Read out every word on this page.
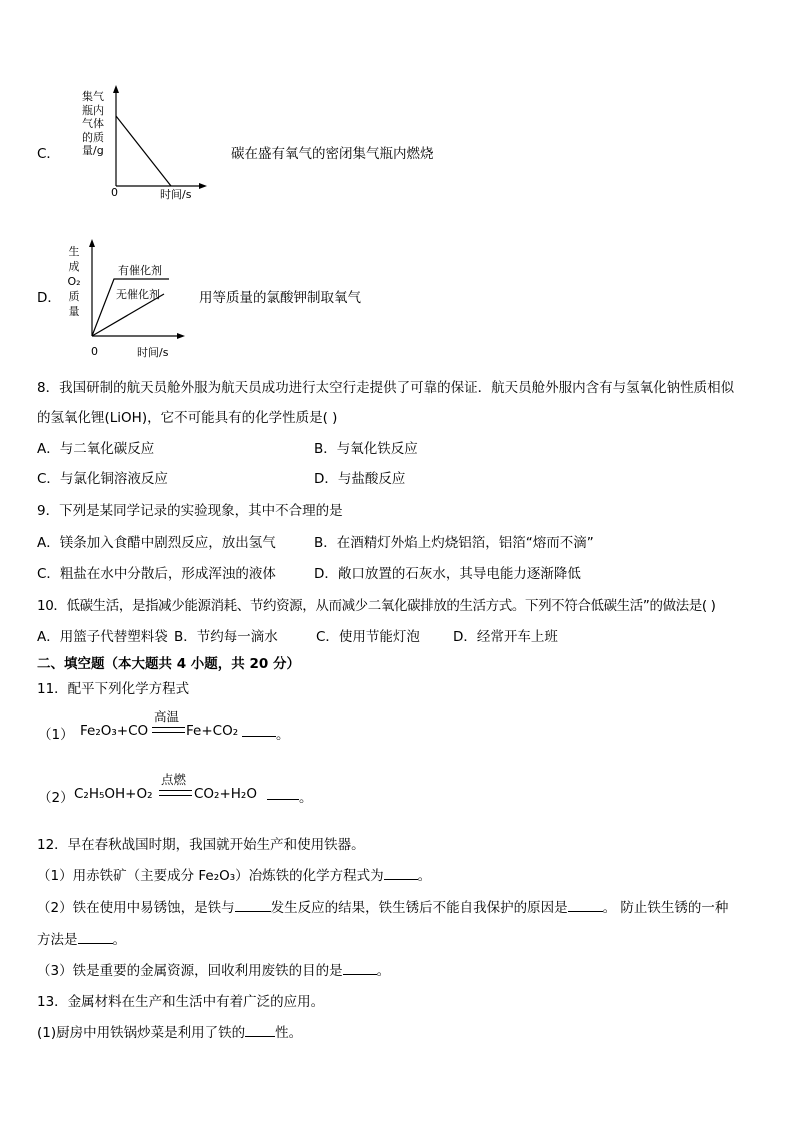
C．
集气
瓶内
气体
的质
量/g
0	时间/s
碳在盛有氧气的密闭集气瓶内燃烧
D．
生
成
O₂
质
量
有催化剂
无催化剂
0	时间/s
用等质量的氯酸钾制取氧气
8．我国研制的航天员舱外服为航天员成功进行太空行走提供了可靠的保证．航天员舱外服内含有与氢氧化钠性质相似
的氢氧化锂(LiOH)，它不可能具有的化学性质是( )
A．与二氧化碳反应	B．与氧化铁反应
C．与氯化铜溶液反应	D．与盐酸反应
9．下列是某同学记录的实验现象，其中不合理的是
A．镁条加入食醋中剧烈反应，放出氢气	B．在酒精灯外焰上灼烧铝箔，铝箔“熔而不滴”
C．粗盐在水中分散后，形成浑浊的液体	D．敞口放置的石灰水，其导电能力逐渐降低
10．低碳生活，是指减少能源消耗、节约资源，从而减少二氧化碳排放的生活方式。下列不符合低碳生活”的做法是( )
A．用篮子代替塑料袋 B．节约每一滴水	C．使用节能灯泡 D．经常开车上班
二、填空题（本大题共 4 小题，共 20 分）
11．配平下列化学方程式
（1） Fe₂O₃+CO
高温
Fe+CO₂	。
（2） C₂H₅OH+O₂
点燃
CO₂+H₂O	。
12．早在春秋战国时期，我国就开始生产和使用铁器。
（1）用赤铁矿（主要成分 Fe₂O₃）冶炼铁的化学方程式为	。
（2）铁在使用中易锈蚀，是铁与	发生反应的结果，铁生锈后不能自我保护的原因是	。 防止铁生锈的一种
方法是	。
（3）铁是重要的金属资源，回收利用废铁的目的是	。
13．金属材料在生产和生活中有着广泛的应用。
(1)厨房中用铁锅炒菜是利用了铁的 性。
